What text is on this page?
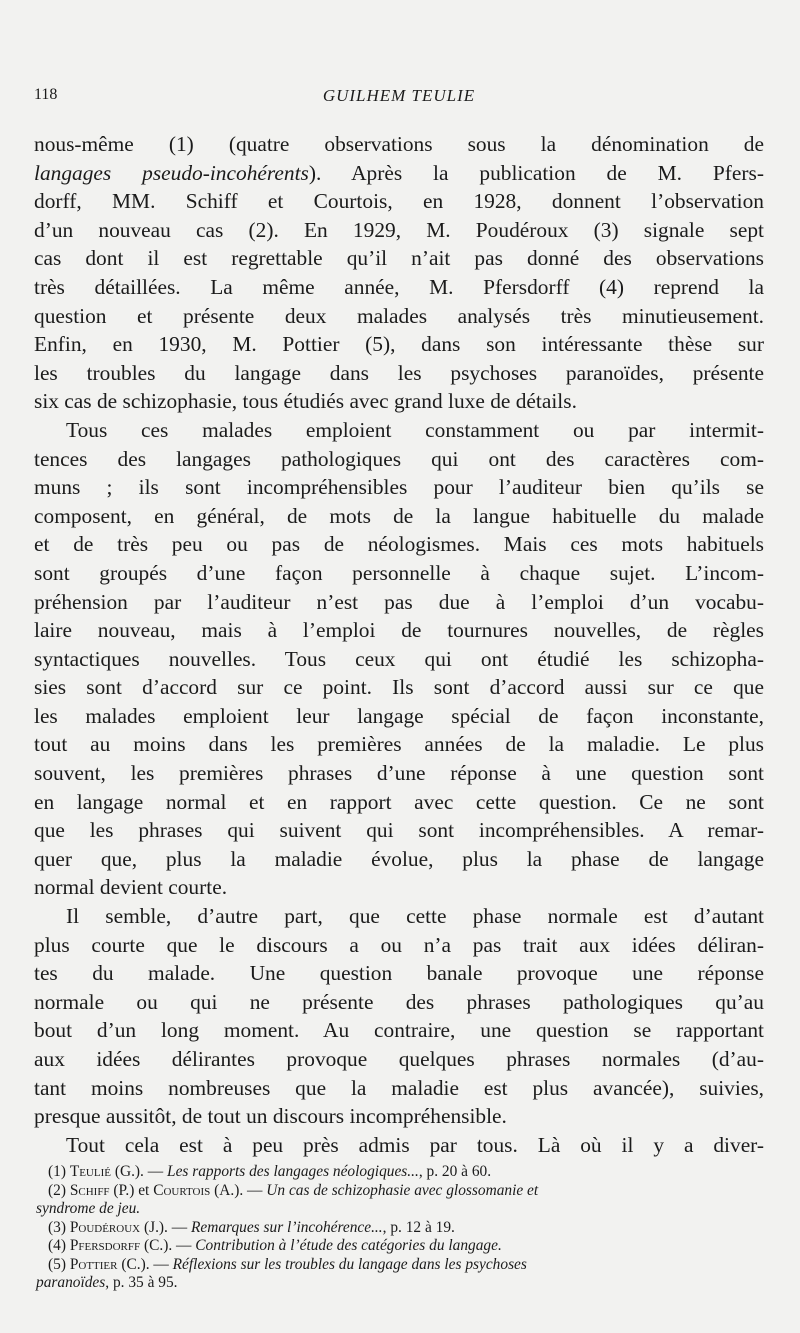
118	GUILHEM TEULIE
nous-même (1) (quatre observations sous la dénomination de
langages pseudo-incohérents). Après la publication de M. Pfers-
dorff, MM. Schiff et Courtois, en 1928, donnent l’observation
d’un nouveau cas (2). En 1929, M. Poudéroux (3) signale sept
cas dont il est regrettable qu’il n’ait pas donné des observations
très détaillées. La même année, M. Pfersdorff (4) reprend la
question et présente deux malades analysés très minutieusement.
Enfin, en 1930, M. Pottier (5), dans son intéressante thèse sur
les troubles du langage dans les psychoses paranoïdes, présente
six cas de schizophasie, tous étudiés avec grand luxe de détails.
Tous ces malades emploient constamment ou par intermit-
tences des langages pathologiques qui ont des caractères com-
muns ; ils sont incompréhensibles pour l’auditeur bien qu’ils se
composent, en général, de mots de la langue habituelle du malade
et de très peu ou pas de néologismes. Mais ces mots habituels
sont groupés d’une façon personnelle à chaque sujet. L’incom-
préhension par l’auditeur n’est pas due à l’emploi d’un vocabu-
laire nouveau, mais à l’emploi de tournures nouvelles, de règles
syntactiques nouvelles. Tous ceux qui ont étudié les schizopha-
sies sont d’accord sur ce point. Ils sont d’accord aussi sur ce que
les malades emploient leur langage spécial de façon inconstante,
tout au moins dans les premières années de la maladie. Le plus
souvent, les premières phrases d’une réponse à une question sont
en langage normal et en rapport avec cette question. Ce ne sont
que les phrases qui suivent qui sont incompréhensibles. A remar-
quer que, plus la maladie évolue, plus la phase de langage
normal devient courte.
Il semble, d’autre part, que cette phase normale est d’autant
plus courte que le discours a ou n’a pas trait aux idées déliran-
tes du malade. Une question banale provoque une réponse
normale ou qui ne présente des phrases pathologiques qu’au
bout d’un long moment. Au contraire, une question se rapportant
aux idées délirantes provoque quelques phrases normales (d’au-
tant moins nombreuses que la maladie est plus avancée), suivies,
presque aussitôt, de tout un discours incompréhensible.
Tout cela est à peu près admis par tous. Là où il y a diver-
(1) Teulié (G.). — Les rapports des langages néologiques..., p. 20 à 60.
(2) Schiff (P.) et Courtois (A.). — Un cas de schizophasie avec glossomanie et
syndrome de jeu.
(3) Poudéroux (J.). — Remarques sur l’incohérence..., p. 12 à 19.
(4) Pfersdorff (C.). — Contribution à l’étude des catégories du langage.
(5) Pottier (C.). — Réflexions sur les troubles du langage dans les psychoses
paranoïdes, p. 35 à 95.
